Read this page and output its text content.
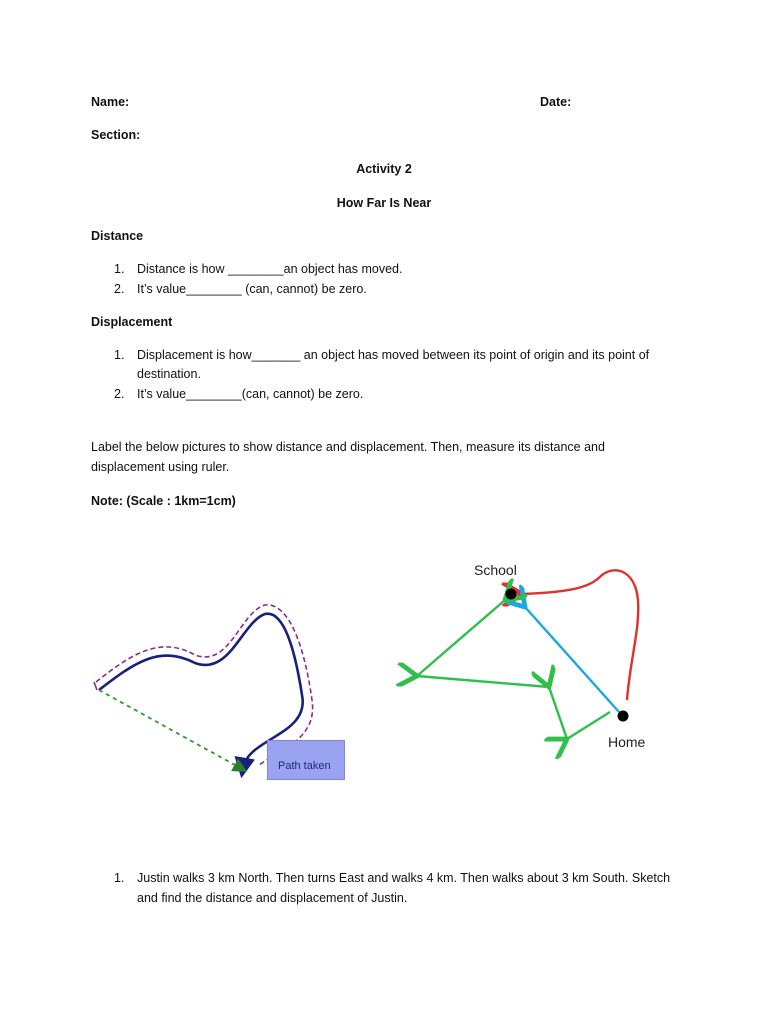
Name:	Date:
Section:
Activity 2
How Far Is Near
Distance
1. Distance is how ________an object has moved.
2. It’s value________ (can, cannot) be zero.
Displacement
1. Displacement is how_______ an object has moved between its point of origin and its point of
destination.
2. It’s value________(can, cannot) be zero.
Label the below pictures to show distance and displacement. Then, measure its distance and
displacement using ruler.
Note: (Scale : 1km=1cm)
Path taken
School
Home
1. Justin walks 3 km North. Then turns East and walks 4 km. Then walks about 3 km South. Sketch
and find the distance and displacement of Justin.
